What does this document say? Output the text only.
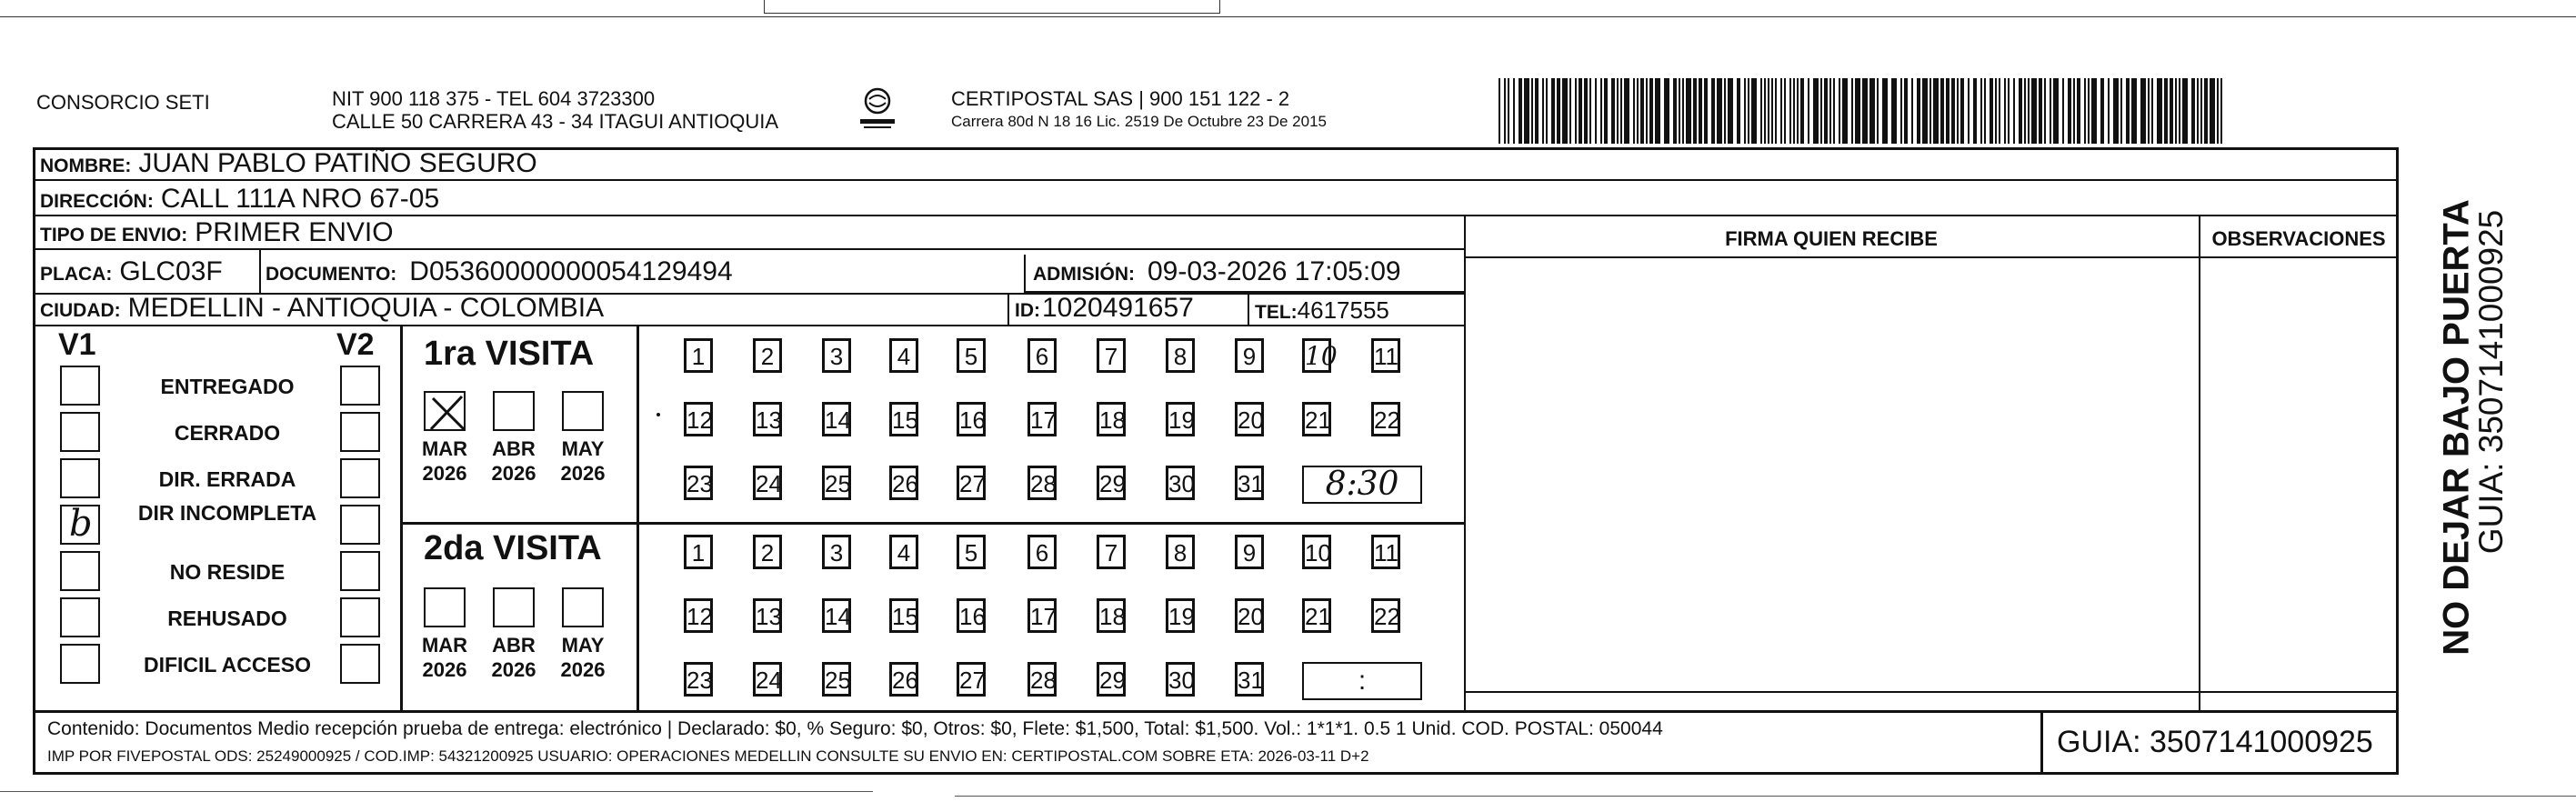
CONSORCIO SETI	NIT 900 118 375 - TEL 604 3723300
CALLE 50 CARRERA 43 - 34 ITAGUI ANTIOQUIA
CERTIPOSTAL SAS | 900 151 122 - 2
Carrera 80d N 18 16 Lic. 2519 De Octubre 23 De 2015
NOMBRE: JUAN PABLO PATIÑO SEGURO
DIRECCIÓN: CALL 111A NRO 67-05
TIPO DE ENVIO: PRIMER ENVIO
PLACA: GLC03F DOCUMENTO: D05360000000054129494	ADMISIÓN: 09-03-2026 17:05:09
CIUDAD: MEDELLIN - ANTIOQUIA - COLOMBIA	ID: 1020491657	TEL: 4617555
FIRMA QUIEN RECIBE	OBSERVACIONES
V1	V2
ENTREGADO
CERRADO
DIR. ERRADA
b	DIR INCOMPLETA
NO RESIDE
REHUSADO
DIFICIL ACCESO
1ra VISITA
2da VISITA
MAR
2026
ABR
2026
MAY
2026
1	2	3	4	5	6	7	8	9	10 11
12 13 14 15 16 17 18 19 20 21 22
23 24 25 26 27 28 29 30 31	8:30
MAR
2026
ABR
2026
MAY
2026
1	2	3	4	5	6	7	8	9	10 11
12 13 14 15 16 17 18 19 20 21 22
23 24 25 26 27 28 29 30 31	:
Contenido: Documentos Medio recepción prueba de entrega: electrónico | Declarado: $0, % Seguro: $0, Otros: $0, Flete: $1,500, Total: $1,500. Vol.: 1*1*1. 0.5 1 Unid. COD. POSTAL: 050044
IMP POR FIVEPOSTAL ODS: 25249000925 / COD.IMP: 54321200925 USUARIO: OPERACIONES MEDELLIN CONSULTE SU ENVIO EN: CERTIPOSTAL.COM SOBRE ETA: 2026-03-11 D+2	GUIA: 3507141000925
NO DEJAR BAJO PUERTA
GUIA: 3507141000925
